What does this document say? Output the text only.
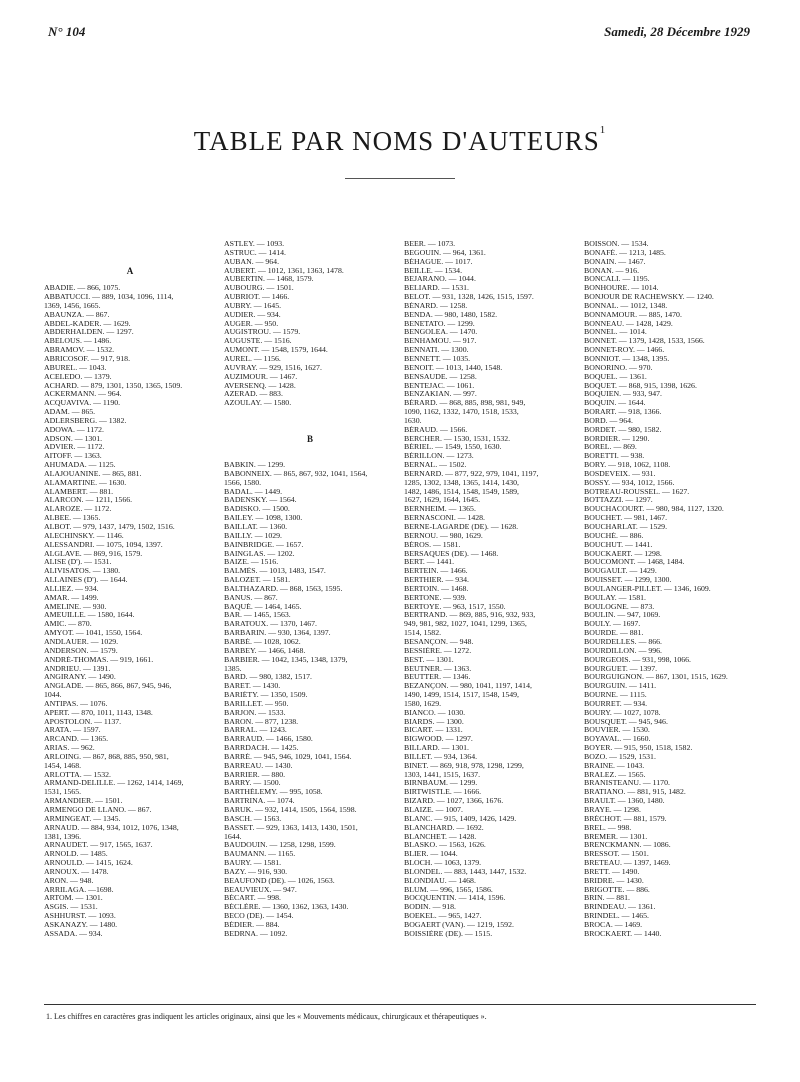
N° 104	Samedi, 28 Décembre 1929
TABLE PAR NOMS D'AUTEURS$^1$
A
ABADIE. — 866, 1075.
ABBATUCCI. — 889, 1034, 1096, 1114,
1369, 1456, 1665.
ABAUNZA. — 867.
ABDEL-KADER. — 1629.
ABDERHALDEN. — 1297.
ABELOUS. — 1486.
ABRAMOV. — 1532.
ABRICOSOF. — 917, 918.
ABUREL. — 1043.
ACELEDO. — 1379.
ACHARD. — 879, 1301, 1350, 1365, 1509.
ACKERMANN. — 964.
ACQUAVIVA. — 1190.
ADAM. — 865.
ADLERSBERG. — 1382.
ADOWA. — 1172.
ADSON. — 1301.
ADVIER. — 1172.
AITOFF. — 1363.
AHUMADA. — 1125.
ALAJOUANINE. — 865, 881.
ALAMARTINE. — 1630.
ALAMBERT. — 881.
ALARCON. — 1211, 1566.
ALAROZE. — 1172.
ALBEE. — 1365.
ALBOT. — 979, 1437, 1479, 1502, 1516.
ALECHINSKY. — 1146.
ALESSANDRI. — 1075, 1094, 1397.
ALGLAVE. — 869, 916, 1579.
ALISE (D'). — 1531.
ALIVISATOS. — 1380.
ALLAINES (D'). — 1644.
ALLIEZ. — 934.
AMAR. — 1499.
AMELINE. — 930.
AMEUILLE. — 1580, 1644.
AMIC. — 870.
AMYOT. — 1041, 1550, 1564.
ANDLAUER. — 1029.
ANDERSON. — 1579.
ANDRÉ-THOMAS. — 919, 1661.
ANDRIEU. — 1391.
ANGIRANY. — 1490.
ANGLADE. — 865, 866, 867, 945, 946,
1044.
ANTIPAS. — 1076.
APERT. — 870, 1011, 1143, 1348.
APOSTOLON. — 1137.
ARATA. — 1597.
ARCAND. — 1365.
ARIAS. — 962.
ARLOING. — 867, 868, 885, 950, 981,
1454, 1468.
ARLOTTA. — 1532.
ARMAND-DELILLE. — 1262, 1414, 1469,
1531, 1565.
ARMANDIER. — 1501.
ARMENGO DE LLANO. — 867.
ARMINGEAT. — 1345.
ARNAUD. — 884, 934, 1012, 1076, 1348,
1381, 1396.
ARNAUDET. — 917, 1565, 1637.
ARNOLD. — 1485.
ARNOULD. — 1415, 1624.
ARNOUX. — 1478.
ARON. — 948.
ARRILAGA. —1698.
ARTOM. — 1301.
ASGIS. — 1531.
ASHHURST. — 1093.
ASKANAZY. — 1480.
ASSADA. — 934.
ASTLEY. — 1093.
ASTRUC. — 1414.
AUBAN. — 964.
AUBERT. — 1012, 1361, 1363, 1478.
AUBERTIN. — 1468, 1579.
AUBOURG. — 1501.
AUBRIOT. — 1466.
AUBRY. — 1645.
AUDIER. — 934.
AUGER. — 950.
AUGISTROU. — 1579.
AUGUSTE. — 1516.
AUMONT. — 1548, 1579, 1644.
AUREL. — 1156.
AUVRAY. — 929, 1516, 1627.
AUZIMOUR. — 1467.
AVERSENQ. — 1428.
AZERAD. — 883.
AZOULAY. — 1580.
B
BABKIN. — 1299.
BABONNEIX. — 865, 867, 932, 1041, 1564,
1566, 1580.
BADAL. — 1449.
BADENSKY. — 1564.
BADISKO. — 1500.
BAILEY. — 1098, 1300.
BAILLAT. — 1360.
BAILLY. — 1029.
BAINBRIDGE. — 1657.
BAINGLAS. — 1202.
BAIZE. — 1516.
BALMÈS. — 1013, 1483, 1547.
BALOZET. — 1581.
BALTHAZARD. — 868, 1563, 1595.
BANUS. — 867.
BAQUÉ. — 1464, 1465.
BAR. — 1465, 1563.
BARATOUX. — 1370, 1467.
BARBARIN. — 930, 1364, 1397.
BARBÉ. — 1028, 1062.
BARBEY. — 1466, 1468.
BARBIER. — 1042, 1345, 1348, 1379,
1385.
BARD. — 980, 1382, 1517.
BARET. — 1430.
BARIÉTY. — 1350, 1509.
BARILLET. — 950.
BARJON. — 1533.
BARON. — 877, 1238.
BARRAL. — 1243.
BARRAUD. — 1466, 1580.
BARRDACH. — 1425.
BARRÉ. — 945, 946, 1029, 1041, 1564.
BARREAU. — 1430.
BARRIER. — 880.
BARRY. — 1500.
BARTHÉLEMY. — 995, 1058.
BARTRINA. — 1074.
BARUK. — 932, 1414, 1505, 1564, 1598.
BASCH. — 1563.
BASSET. — 929, 1363, 1413, 1430, 1501,
1644.
BAUDOUIN. — 1258, 1298, 1599.
BAUMANN. — 1165.
BAURY. — 1581.
BAZY. — 916, 930.
BEAUFOND (DE). — 1026, 1563.
BEAUVIEUX. — 947.
BÉCART. — 998.
BÉCLÈRE. — 1360, 1362, 1363, 1430.
BECO (DE). — 1454.
BÉDIER. — 884.
BEDRNA. — 1092.
BEER. — 1073.
BEGOUIN. — 964, 1361.
BÉHAGUE. — 1017.
BEILLE. — 1534.
BEJARANO. — 1044.
BELIARD. — 1531.
BELOT. — 931, 1328, 1426, 1515, 1597.
BÉNARD. — 1258.
BENDA. — 980, 1480, 1582.
BENETATO. — 1299.
BENGOLEA. — 1470.
BENHAMOU. — 917.
BENNATI. — 1300.
BENNETT. — 1035.
BENOIT. — 1013, 1440, 1548.
BENSAUDE. — 1258.
BENTEJAC. — 1061.
BENZAKIAN. — 997.
BÉRARD. — 868, 885, 898, 981, 949,
1090, 1162, 1332, 1470, 1518, 1533,
1630.
BÉRAUD. — 1566.
BERCHER. — 1530, 1531, 1532.
BÉRIEL. — 1549, 1550, 1630.
BÉRILLON. — 1273.
BERNAL. — 1502.
BERNARD. — 877, 922, 979, 1041, 1197,
1285, 1302, 1348, 1365, 1414, 1430,
1482, 1486, 1514, 1548, 1549, 1589,
1627, 1629, 1644, 1645.
BERNHEIM. — 1365.
BERNASCONI. — 1428.
BERNE-LAGARDE (DE). — 1628.
BERNOU. — 980, 1629.
BÉROS. — 1581.
BERSAQUES (DE). — 1468.
BERT. — 1441.
BERTEIN. — 1466.
BERTHIER. — 934.
BERTOIN. — 1468.
BERTONE. — 939.
BERTOYE. — 963, 1517, 1550.
BERTRAND. — 869, 885, 916, 932, 933,
949, 981, 982, 1027, 1041, 1299, 1365,
1514, 1582.
BESANÇON. — 948.
BESSIÈRE. — 1272.
BEST. — 1301.
BEUTNER. — 1363.
BEUTTER. — 1346.
BEZANÇON. — 980, 1041, 1197, 1414,
1490, 1499, 1514, 1517, 1548, 1549,
1580, 1629.
BIANCO. — 1030.
BIARDS. — 1300.
BICART. — 1331.
BIGWOOD. — 1297.
BILLARD. — 1301.
BILLET. — 934, 1364.
BINET. — 869, 918, 978, 1298, 1299,
1303, 1441, 1515, 1637.
BIRNBAUM. — 1299.
BIRTWISTLE. — 1666.
BIZARD. — 1027, 1366, 1676.
BLAIZE. — 1007.
BLANC. — 915, 1409, 1426, 1429.
BLANCHARD. — 1692.
BLANCHET. — 1428.
BLASKO. — 1563, 1626.
BLIER. — 1044.
BLOCH. — 1063, 1379.
BLONDEL. — 883, 1443, 1447, 1532.
BLONDIAU. — 1468.
BLUM. — 996, 1565, 1586.
BOCQUENTIN. — 1414, 1596.
BODIN. — 918.
BOEKEL. — 965, 1427.
BOGAERT (VAN). — 1219, 1592.
BOISSIÈRE (DE). — 1515.
BOISSON. — 1534.
BONAFÉ. — 1213, 1485.
BONAIN. — 1467.
BONAN. — 916.
BONCALI. — 1195.
BONHOURE. — 1014.
BONJOUR DE RACHEWSKY. — 1240.
BONNAL. — 1012, 1348.
BONNAMOUR. — 885, 1470.
BONNEAU. — 1428, 1429.
BONNEL. — 1014.
BONNET. — 1379, 1428, 1533, 1566.
BONNET-ROY. — 1466.
BONNIOT. — 1348, 1395.
BONORINO. — 970.
BOQUEL. — 1361.
BOQUET. — 868, 915, 1398, 1626.
BOQUIEN. — 933, 947.
BOQUIN. — 1644.
BORART. — 918, 1366.
BORD. — 964.
BORDET. — 980, 1582.
BORDIER. — 1290.
BOREL. — 869.
BORETTI. — 938.
BORY. — 918, 1062, 1108.
BOSDEVEIX. — 931.
BOSSY. — 934, 1012, 1566.
BOTREAU-ROUSSEL. — 1627.
BOTTAZZI. — 1297.
BOUCHACOURT. — 980, 984, 1127, 1320.
BOUCHET. — 981, 1467.
BOUCHARLAT. — 1529.
BOUCHÉ. — 886.
BOUCHUT. — 1441.
BOUCKAERT. — 1298.
BOUCOMONT. — 1468, 1484.
BOUGAULT. — 1429.
BOUISSET. — 1299, 1300.
BOULANGER-PILLET. — 1346, 1609.
BOULAY. — 1581.
BOULOGNE. — 873.
BOULIN. — 947, 1069.
BOULY. — 1697.
BOURDE. — 881.
BOURDELLES. — 866.
BOURDILLON. — 996.
BOURGEOIS. — 931, 998, 1066.
BOURGUET. — 1397.
BOURGUIGNON. — 867, 1301, 1515, 1629.
BOURGUIN. — 1411.
BOURNE. — 1115.
BOURRET. — 934.
BOURY. — 1027, 1078.
BOUSQUET. — 945, 946.
BOUVIER. — 1530.
BOYAVAL. — 1660.
BOYER. — 915, 950, 1518, 1582.
BOZO. — 1529, 1531.
BRAINE. — 1043.
BRALEZ. — 1565.
BRANISTEANU. — 1170.
BRATIANO. — 881, 915, 1482.
BRAULT. — 1360, 1480.
BRAYE. — 1298.
BRÉCHOT. — 881, 1579.
BREL. — 998.
BREMER. — 1301.
BRENCKMANN. — 1086.
BRESSOT. — 1501.
BRETEAU. — 1397, 1469.
BRETT. — 1490.
BRIDRE. — 1430.
BRIGOTTE. — 886.
BRIN. — 881.
BRINDEAU. — 1361.
BRINDEL. — 1465.
BROCA. — 1469.
BROCKAERT. — 1440.
1. Les chiffres en caractères gras indiquent les articles originaux, ainsi que les « Mouvements médicaux, chirurgicaux et thérapeutiques ».
